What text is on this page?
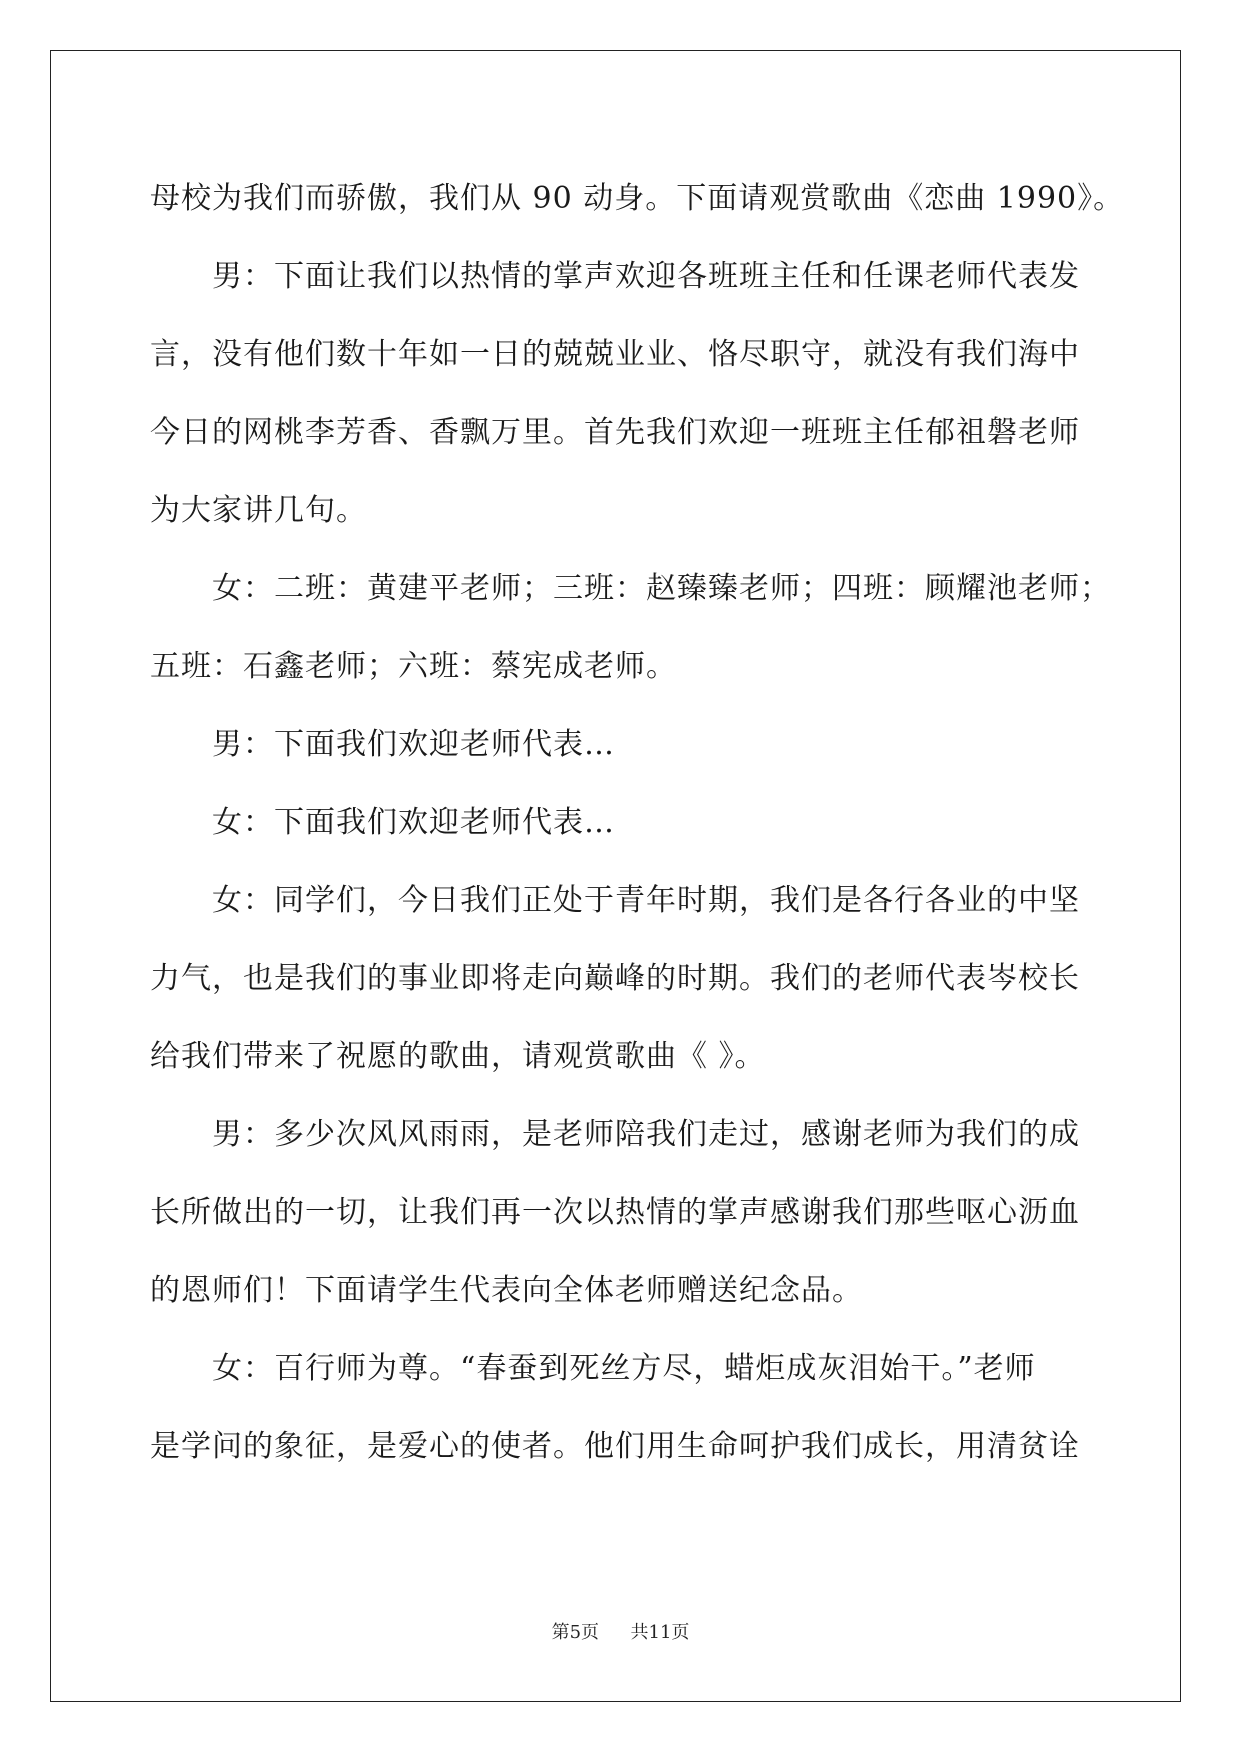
母校为我们而骄傲，我们从 90 动身。下面请观赏歌曲《恋曲 1990》。
男：下面让我们以热情的掌声欢迎各班班主任和任课老师代表发
言，没有他们数十年如一日的兢兢业业、恪尽职守，就没有我们海中
今日的网桃李芳香、香飘万里。首先我们欢迎一班班主任郁祖磐老师
为大家讲几句。
女：二班：黄建平老师；三班：赵臻臻老师；四班：顾耀池老师；
五班：石鑫老师；六班：蔡宪成老师。
男：下面我们欢迎老师代表…
女：下面我们欢迎老师代表…
女：同学们，今日我们正处于青年时期，我们是各行各业的中坚
力气，也是我们的事业即将走向巅峰的时期。我们的老师代表岑校长
给我们带来了祝愿的歌曲，请观赏歌曲《 》。
男：多少次风风雨雨，是老师陪我们走过，感谢老师为我们的成
长所做出的一切，让我们再一次以热情的掌声感谢我们那些呕心沥血
的恩师们！下面请学生代表向全体老师赠送纪念品。
女：百行师为尊。“春蚕到死丝方尽，蜡炬成灰泪始干。”老师
是学问的象征，是爱心的使者。他们用生命呵护我们成长，用清贫诠
第5页 共11页
